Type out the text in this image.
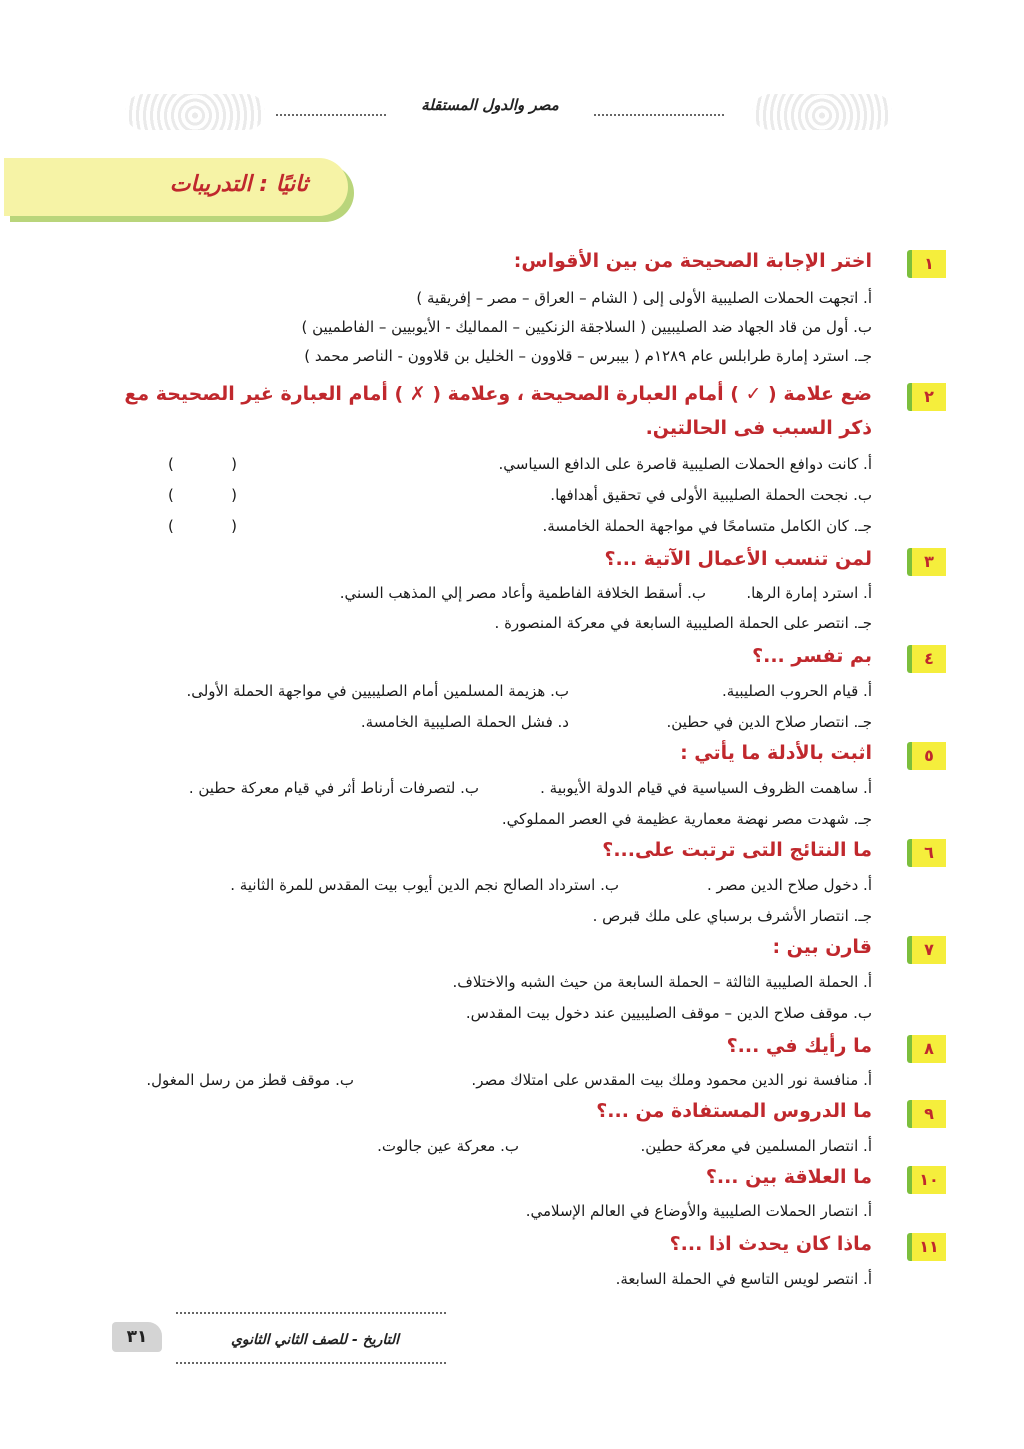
مصر والدول المستقلة
ثانيًا : التدريبات
١
اختر الإجابة الصحيحة من بين الأقواس:
أ. اتجهت الحملات الصليبية الأولى إلى ( الشام – العراق – مصر – إفريقية )
ب. أول من قاد الجهاد ضد الصليبيين ( السلاجقة الزنكيين – المماليك - الأيوبيين – الفاطميين )
جـ. استرد إمارة طرابلس عام ١٢٨٩م ( بيبرس – قلاوون – الخليل بن قلاوون - الناصر محمد )
٢
ضع علامة ( ✓ ) أمام العبارة الصحيحة ، وعلامة ( ✗ ) أمام العبارة غير الصحيحة مع
ذكر السبب فى الحالتين.
أ. كانت دوافع الحملات الصليبية قاصرة على الدافع السياسي.
(            )
ب. نجحت الحملة الصليبية الأولى في تحقيق أهدافها.
(            )
جـ. كان الكامل متسامحًا في مواجهة الحملة الخامسة.
(            )
٣
لمن تنسب الأعمال الآتية ...؟
أ. استرد إمارة الرها.
ب. أسقط الخلافة الفاطمية وأعاد مصر إلي المذهب السني.
جـ. انتصر على الحملة الصليبية السابعة في معركة المنصورة .
٤
بم تفسر ...؟
أ. قيام الحروب الصليبية.
ب. هزيمة المسلمين أمام الصليبيين في مواجهة الحملة الأولى.
جـ. انتصار صلاح الدين في حطين.
د. فشل الحملة الصليبية الخامسة.
٥
اثبت بالأدلة ما يأتي :
أ. ساهمت الظروف السياسية في قيام الدولة الأيوبية .
ب. لتصرفات أرناط أثر في قيام معركة حطين .
جـ. شهدت مصر نهضة معمارية عظيمة في العصر المملوكي.
٦
ما النتائج التى ترتبت على...؟
أ. دخول صلاح الدين مصر .
ب. استرداد الصالح نجم الدين أيوب بيت المقدس للمرة الثانية .
جـ. انتصار الأشرف برسباي على ملك قبرص .
٧
قارن بين :
أ. الحملة الصليبية الثالثة – الحملة السابعة من حيث الشبه والاختلاف.
ب. موقف صلاح الدين – موقف الصليبيين عند دخول بيت المقدس.
٨
ما رأيك في ...؟
أ. منافسة نور الدين محمود وملك بيت المقدس على امتلاك مصر.
ب. موقف قطز من رسل المغول.
٩
ما الدروس المستفادة من ...؟
أ. انتصار المسلمين في معركة حطين.
ب. معركة عين جالوت.
١٠
ما العلاقة بين ...؟
أ. انتصار الحملات الصليبية والأوضاع في العالم الإسلامي.
١١
ماذا كان يحدث اذا ...؟
أ. انتصر لويس التاسع في الحملة السابعة.
٣١	التاريخ - للصف الثاني الثانوي
